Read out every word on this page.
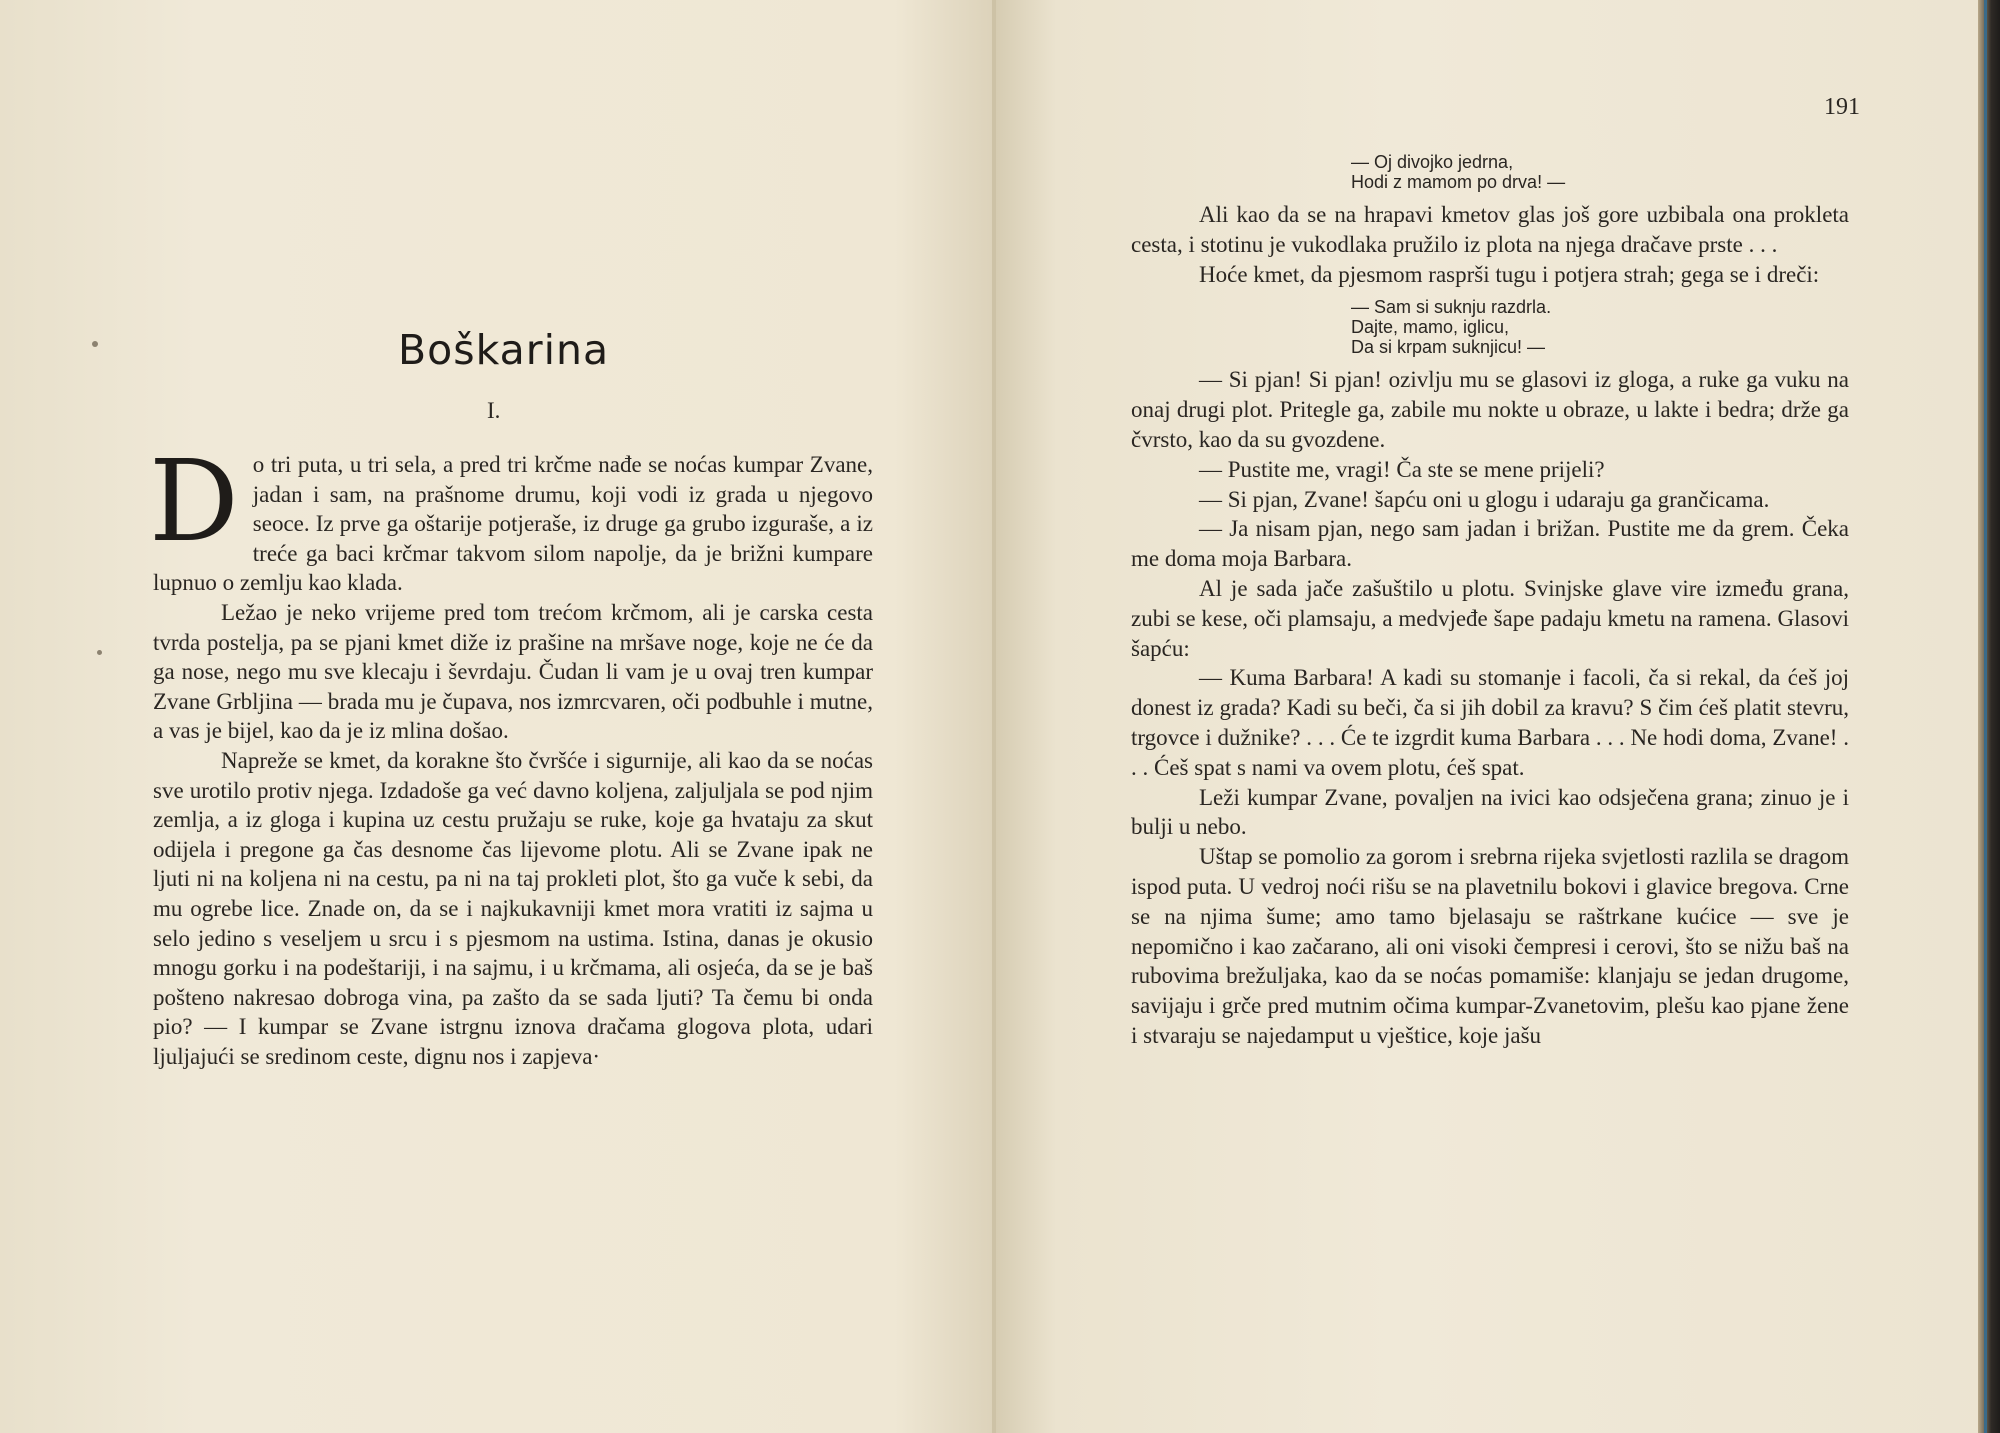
Boškarina
I.

Do tri puta, u tri sela, a pred tri krčme nađe se noćas kumpar Zvane, jadan i sam, na prašnome drumu, koji vodi iz grada u njegovo seoce. Iz prve ga oštarije potjeraše, iz druge ga grubo izguraše, a iz treće ga baci krčmar takvom silom napolje, da je brižni kumpare lupnuo o zemlju kao klada.

Ležao je neko vrijeme pred tom trećom krčmom, ali je carska cesta tvrda postelja, pa se pjani kmet diže iz prašine na mršave noge, koje ne će da ga nose, nego mu sve klecaju i ševrdaju. Čudan li vam je u ovaj tren kumpar Zvane Grbljina — brada mu je čupava, nos izmrcvaren, oči podbuhle i mutne, a vas je bijel, kao da je iz mlina došao.

Napreže se kmet, da korakne što čvršće i sigurnije, ali kao da se noćas sve urotilo protiv njega. Izdadoše ga već davno koljena, zaljuljala se pod njim zemlja, a iz gloga i kupina uz cestu pružaju se ruke, koje ga hvataju za skut odijela i pregone ga čas desnome čas lijevome plotu. Ali se Zvane ipak ne ljuti ni na koljena ni na cestu, pa ni na taj prokleti plot, što ga vuče k sebi, da mu ogrebe lice. Znade on, da se i najkukavniji kmet mora vratiti iz sajma u selo jedino s veseljem u srcu i s pjesmom na ustima. Istina, danas je okusio mnogu gorku i na podeštariji, i na sajmu, i u krčmama, ali osjeća, da se je baš pošteno nakresao dobroga vina, pa zašto da se sada ljuti? Ta čemu bi onda pio? — I kumpar se Zvane istrgnu iznova dračama glogova plota, udari ljuljajući se sredinom ceste, dignu nos i zapjeva·

191
— Oj divojko jedrna,
Hodi z mamom po drva! —

Ali kao da se na hrapavi kmetov glas još gore uzbibala ona prokleta cesta, i stotinu je vukodlaka pružilo iz plota na njega dračave prste . . .

Hoće kmet, da pjesmom rasprši tugu i potjera strah; gega se i dreči:

— Sam si suknju razdrla.
Dajte, mamo, iglicu,
Da si krpam suknjicu! —

— Si pjan! Si pjan! ozivlju mu se glasovi iz gloga, a ruke ga vuku na onaj drugi plot. Pritegle ga, zabile mu nokte u obraze, u lakte i bedra; drže ga čvrsto, kao da su gvozdene.

— Pustite me, vragi! Ča ste se mene prijeli?

— Si pjan, Zvane! šapću oni u glogu i udaraju ga grančicama.

— Ja nisam pjan, nego sam jadan i brižan. Pustite me da grem. Čeka me doma moja Barbara.

Al je sada jače zašuštilo u plotu. Svinjske glave vire između grana, zubi se kese, oči plamsaju, a medvjeđe šape padaju kmetu na ramena. Glasovi šapću:

— Kuma Barbara! A kadi su stomanje i facoli, ča si rekal, da ćeš joj donest iz grada? Kadi su beči, ča si jih dobil za kravu? S čim ćeš platit stevru, trgovce i dužnike? . . . Će te izgrdit kuma Barbara . . . Ne hodi doma, Zvane! . . . Ćeš spat s nami va ovem plotu, ćeš spat.

Leži kumpar Zvane, povaljen na ivici kao odsječena grana; zinuo je i bulji u nebo.

Uštap se pomolio za gorom i srebrna rijeka svjetlosti razlila se dragom ispod puta. U vedroj noći rišu se na plavetnilu bokovi i glavice bregova. Crne se na njima šume; amo tamo bjelasaju se raštrkane kućice — sve je nepomično i kao začarano, ali oni visoki čempresi i cerovi, što se nižu baš na rubovima brežuljaka, kao da se noćas pomamiše: klanjaju se jedan drugome, savijaju i grče pred mutnim očima kumpar-Zvanetovim, plešu kao pjane žene i stvaraju se najedamput u vještice, koje jašu
